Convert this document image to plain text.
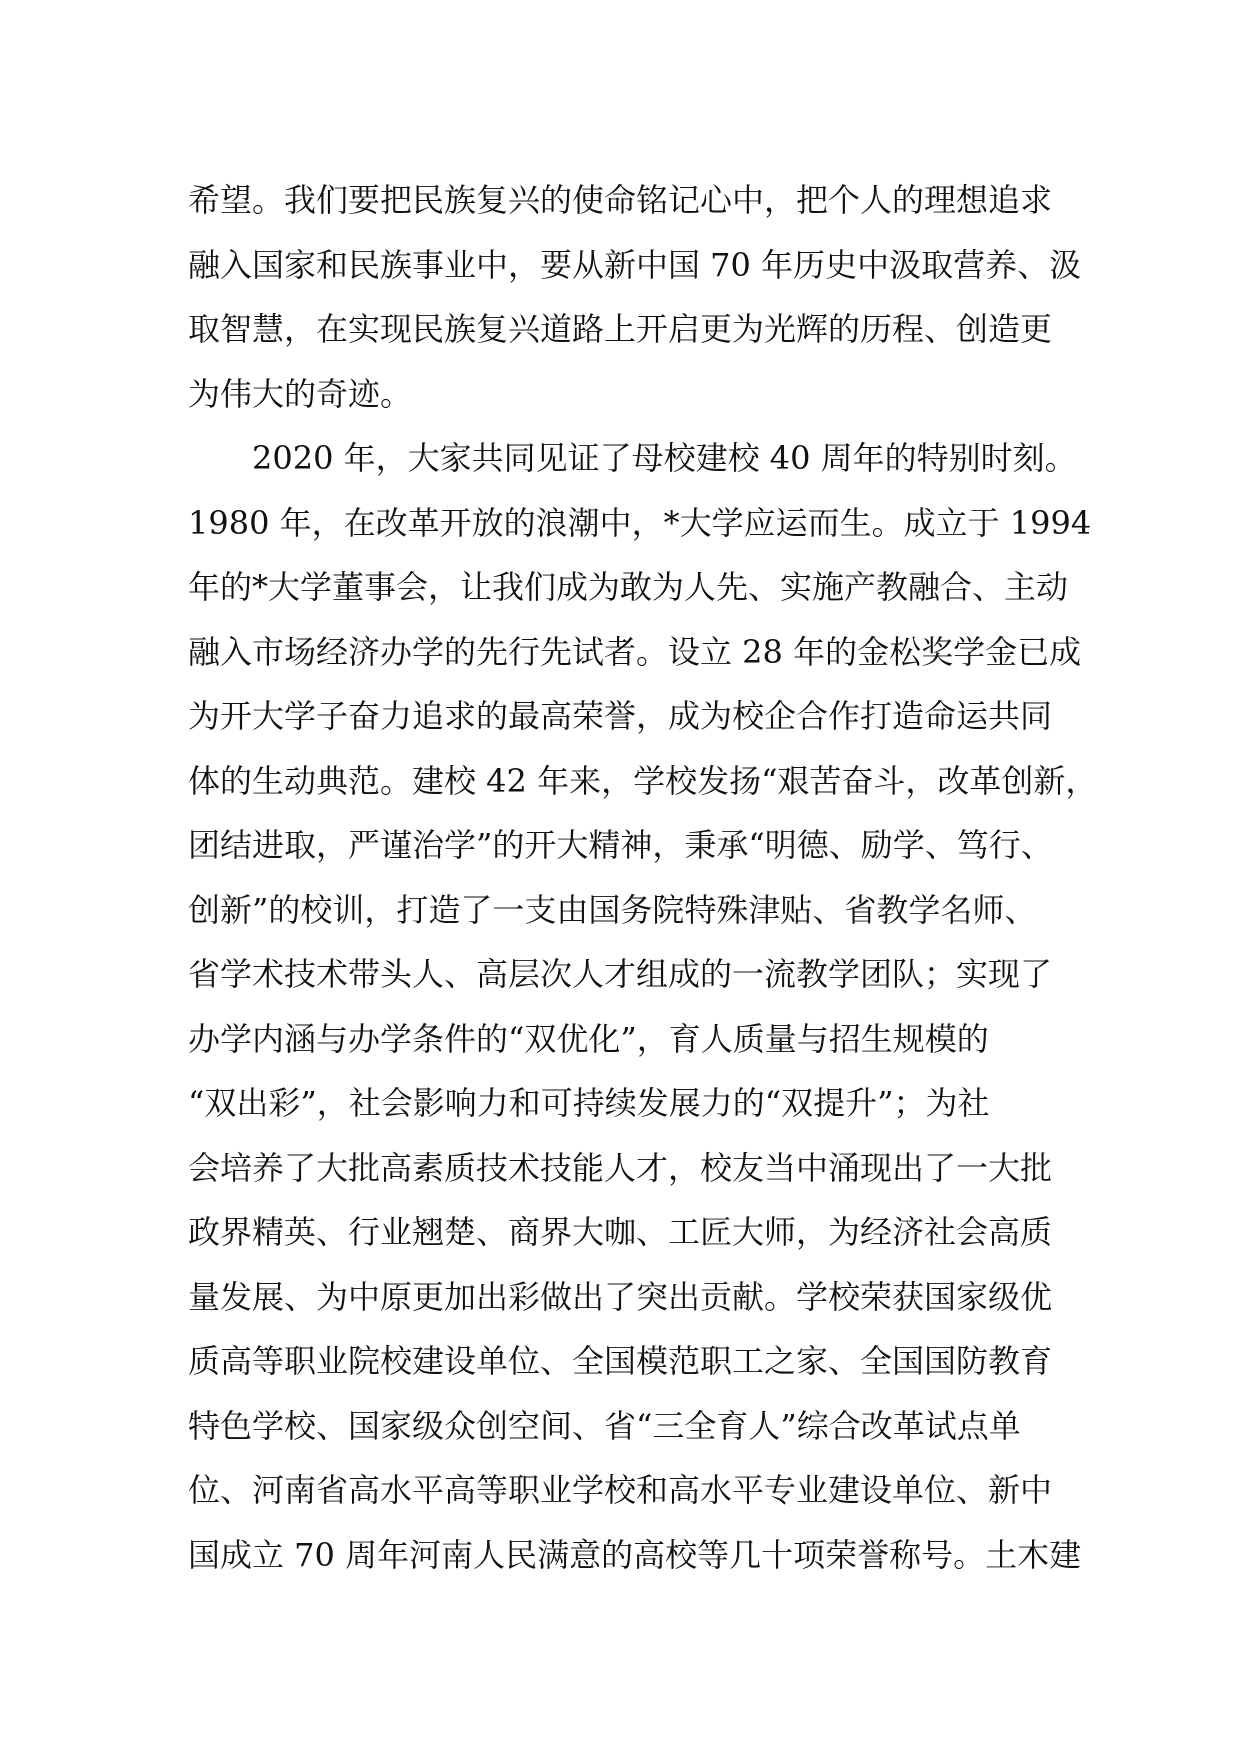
希望。我们要把民族复兴的使命铭记心中，把个人的理想追求
融入国家和民族事业中，要从新中国 70 年历史中汲取营养、汲
取智慧，在实现民族复兴道路上开启更为光辉的历程、创造更
为伟大的奇迹。
　　2020 年，大家共同见证了母校建校 40 周年的特别时刻。
1980 年，在改革开放的浪潮中，*大学应运而生。成立于 1994
年的*大学董事会，让我们成为敢为人先、实施产教融合、主动
融入市场经济办学的先行先试者。设立 28 年的金松奖学金已成
为开大学子奋力追求的最高荣誉，成为校企合作打造命运共同
体的生动典范。建校 42 年来，学校发扬“艰苦奋斗，改革创新，
团结进取，严谨治学”的开大精神，秉承“明德、励学、笃行、
创新”的校训，打造了一支由国务院特殊津贴、省教学名师、
省学术技术带头人、高层次人才组成的一流教学团队；实现了
办学内涵与办学条件的“双优化”，育人质量与招生规模的
“双出彩”，社会影响力和可持续发展力的“双提升”；为社
会培养了大批高素质技术技能人才，校友当中涌现出了一大批
政界精英、行业翘楚、商界大咖、工匠大师，为经济社会高质
量发展、为中原更加出彩做出了突出贡献。学校荣获国家级优
质高等职业院校建设单位、全国模范职工之家、全国国防教育
特色学校、国家级众创空间、省“三全育人”综合改革试点单
位、河南省高水平高等职业学校和高水平专业建设单位、新中
国成立 70 周年河南人民满意的高校等几十项荣誉称号。土木建
